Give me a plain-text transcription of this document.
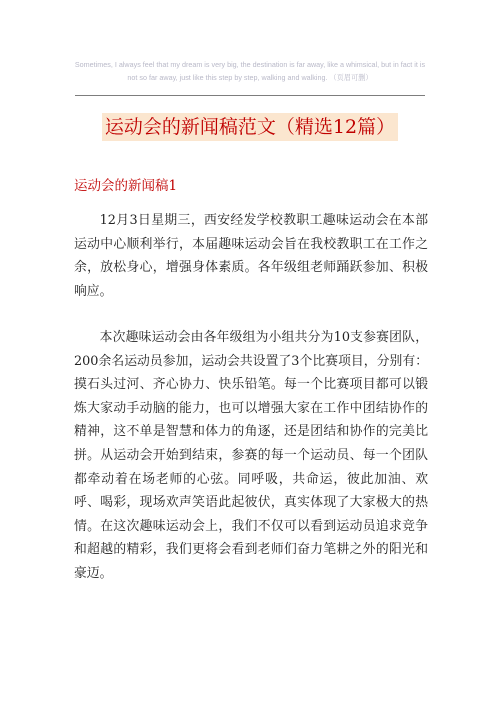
Sometimes, I always feel that my dream is very big, the destination is far away, like a whimsical, but in fact it is
not so far away, just like this step by step, walking and walking. （页眉可删）
运动会的新闻稿范文（精选12篇）
运动会的新闻稿1

12月3日星期三，西安经发学校教职工趣味运动会在本部运动中心顺利举行，本届趣味运动会旨在我校教职工在工作之余，放松身心，增强身体素质。各年级组老师踊跃参加、积极响应。

本次趣味运动会由各年级组为小组共分为10支参赛团队，200余名运动员参加，运动会共设置了3个比赛项目，分别有：摸石头过河、齐心协力、快乐铅笔。每一个比赛项目都可以锻炼大家动手动脑的能力，也可以增强大家在工作中团结协作的精神，这不单是智慧和体力的角逐，还是团结和协作的完美比拼。从运动会开始到结束，参赛的每一个运动员、每一个团队都牵动着在场老师的心弦。同呼吸，共命运，彼此加油、欢呼、喝彩，现场欢声笑语此起彼伏，真实体现了大家极大的热情。在这次趣味运动会上，我们不仅可以看到运动员追求竞争和超越的精彩，我们更将会看到老师们奋力笔耕之外的阳光和豪迈。
